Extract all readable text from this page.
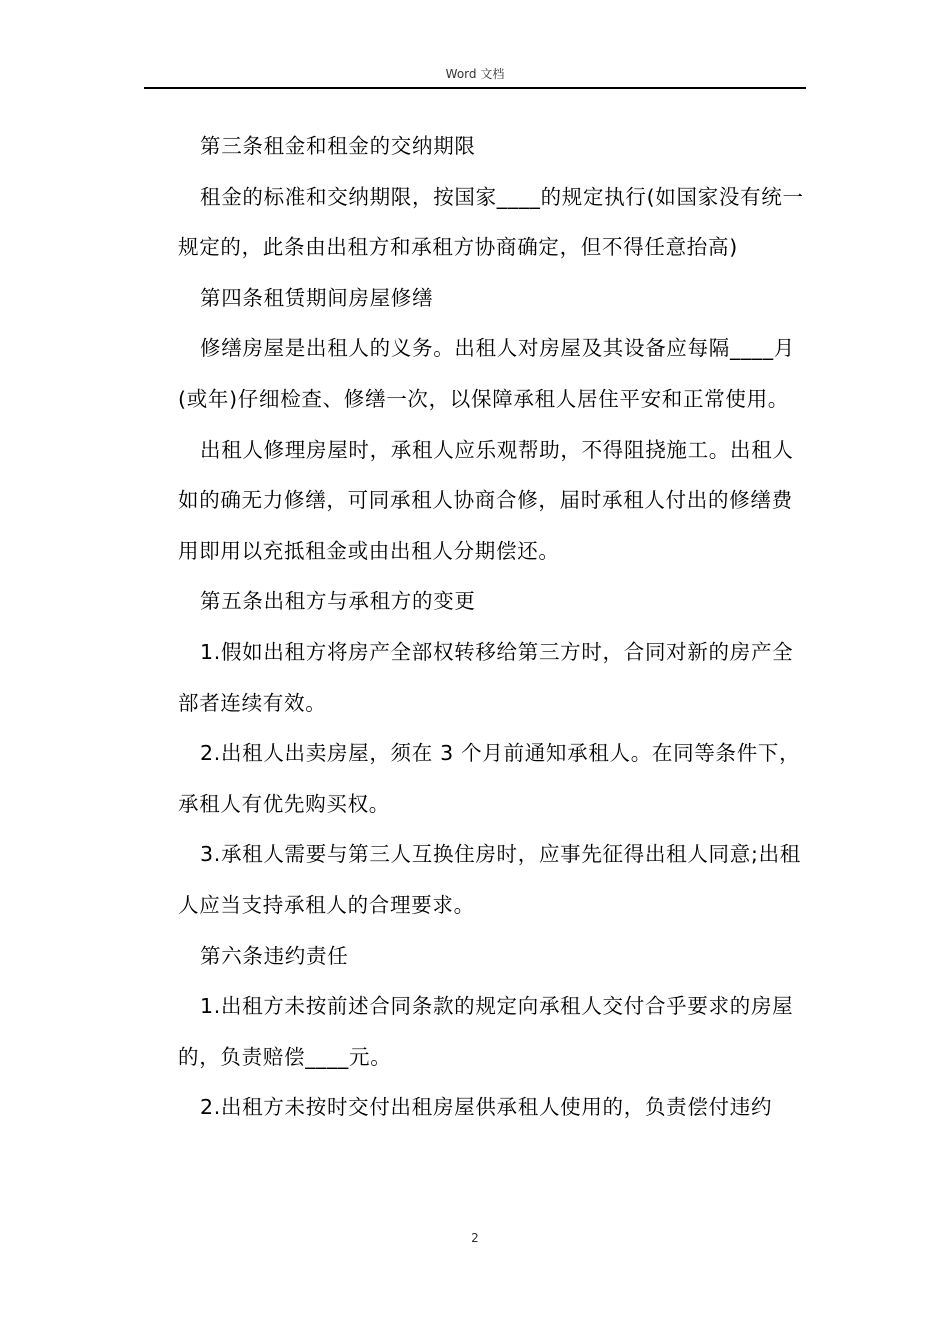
Word 文档

第三条租金和租金的交纳期限

租金的标准和交纳期限，按国家____的规定执行(如国家没有统一规定的，此条由出租方和承租方协商确定，但不得任意抬高)

第四条租赁期间房屋修缮

修缮房屋是出租人的义务。出租人对房屋及其设备应每隔____月(或年)仔细检查、修缮一次，以保障承租人居住平安和正常使用。

出租人修理房屋时，承租人应乐观帮助，不得阻挠施工。出租人如的确无力修缮，可同承租人协商合修，届时承租人付出的修缮费用即用以充抵租金或由出租人分期偿还。

第五条出租方与承租方的变更

1.假如出租方将房产全部权转移给第三方时，合同对新的房产全部者连续有效。

2.出租人出卖房屋，须在 3 个月前通知承租人。在同等条件下，承租人有优先购买权。

3.承租人需要与第三人互换住房时，应事先征得出租人同意;出租人应当支持承租人的合理要求。

第六条违约责任

1.出租方未按前述合同条款的规定向承租人交付合乎要求的房屋的，负责赔偿____元。

2.出租方未按时交付出租房屋供承租人使用的，负责偿付违约

2
